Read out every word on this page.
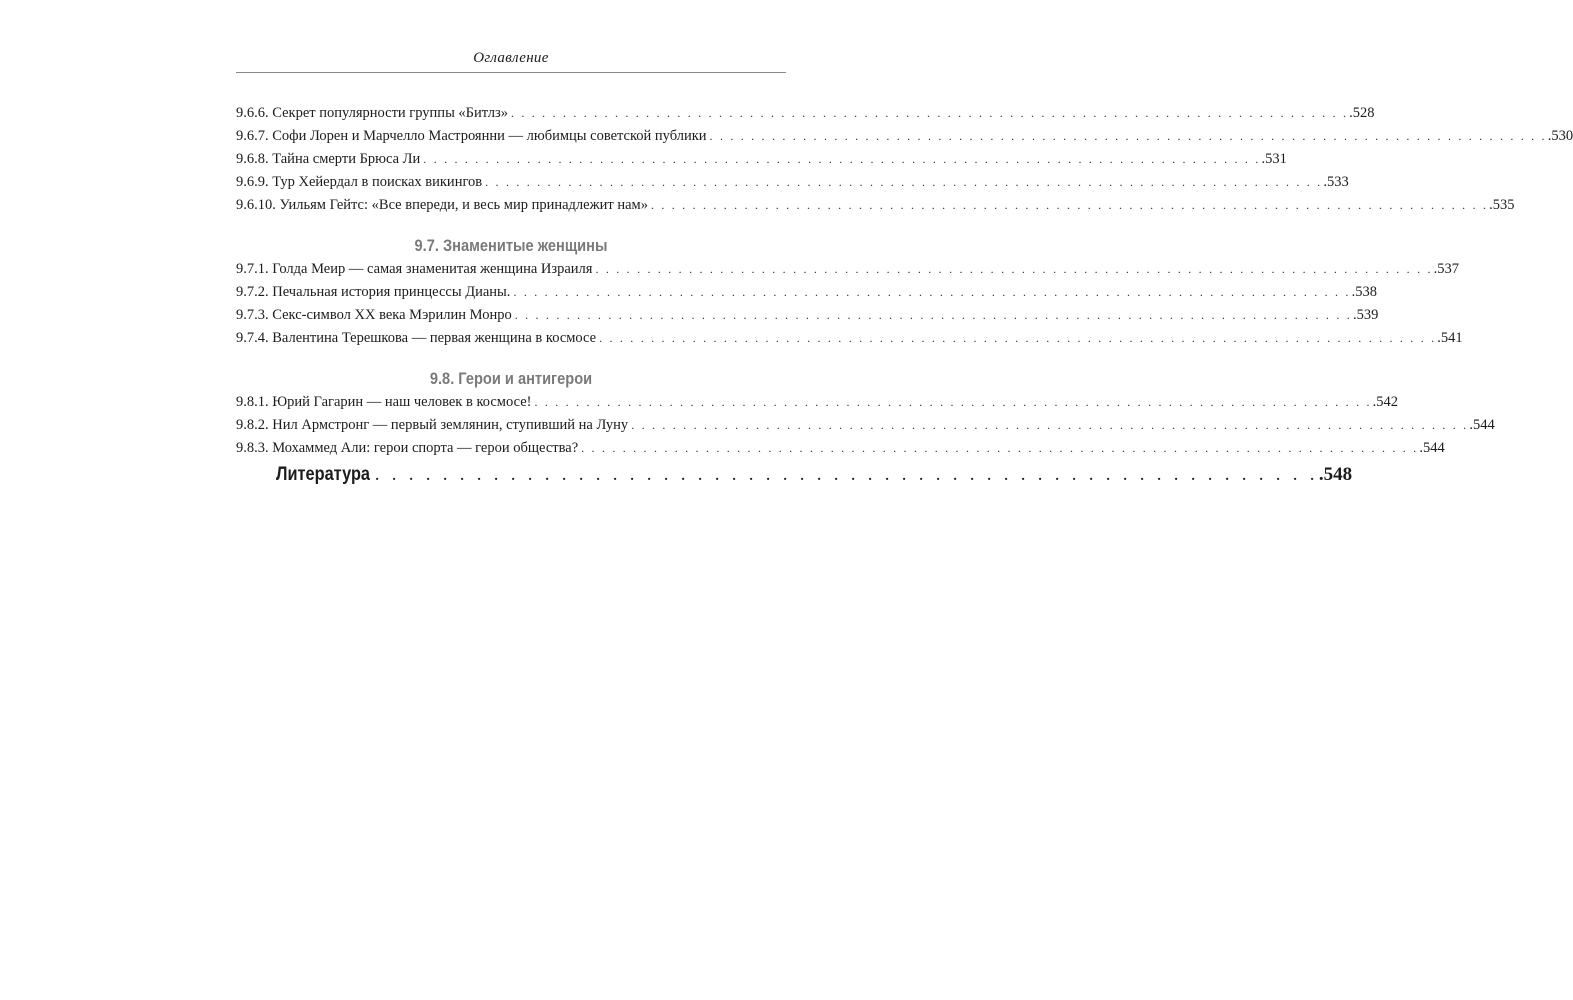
Оглавление
9.6.6. Секрет популярности группы «Битлз» . . .	.528
9.6.7. Софи Лорен и Марчелло Мастроянни — любимцы советской публики . . .	.530
9.6.8. Тайна смерти Брюса Ли . . .	.531
9.6.9. Тур Хейердал в поисках викингов . . .	.533
9.6.10. Уильям Гейтс: «Все впереди, и весь мир принадлежит нам» . . .	.535
9.7. Знаменитые женщины
9.7.1. Голда Меир — самая знаменитая женщина Израиля . . .	.537
9.7.2. Печальная история принцессы Дианы. . . .	.538
9.7.3. Секс-символ XX века Мэрилин Монро . . .	.539
9.7.4. Валентина Терешкова — первая женщина в космосе . . .	.541
9.8. Герои и антигерои
9.8.1. Юрий Гагарин — наш человек в космосе! . . .	.542
9.8.2. Нил Армстронг — первый землянин, ступивший на Луну . . .	.544
9.8.3. Мохаммед Али: герои спорта — герои общества? . . .	.544
Литература . . .	.548
